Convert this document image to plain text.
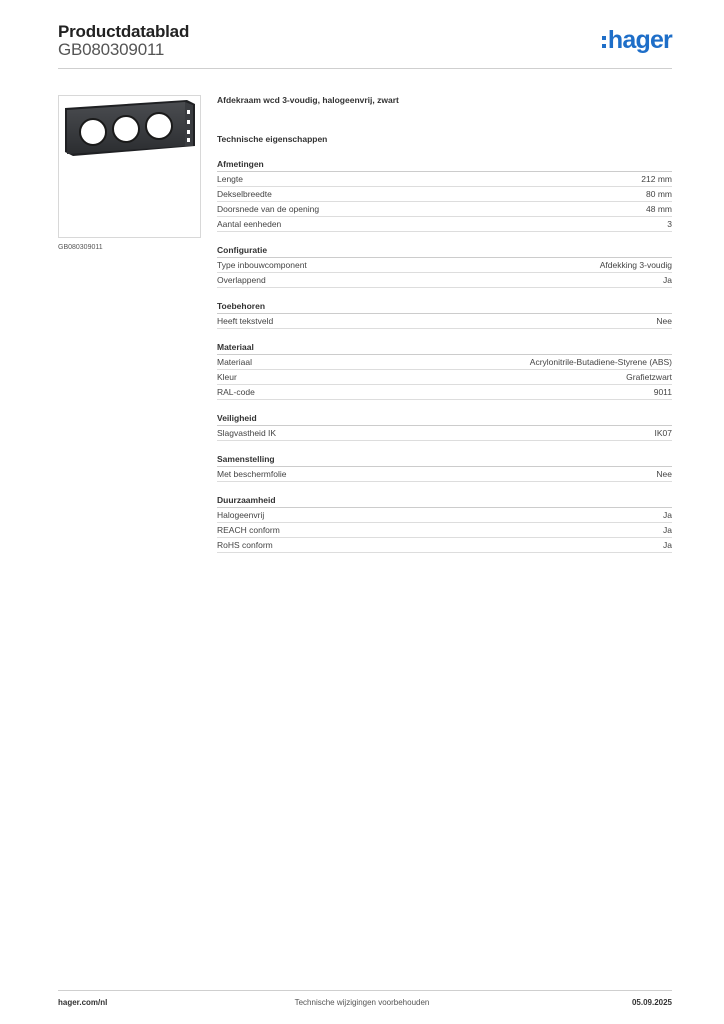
Productdatablad
GB080309011	hager
GB080309011
Afdekraam wcd 3-voudig, halogeenvrij, zwart
Technische eigenschappen
Afmetingen
Lengte	212 mm
Dekselbreedte	80 mm
Doorsnede van de opening	48 mm
Aantal eenheden	3
Configuratie
Type inbouwcomponent	Afdekking 3-voudig
Overlappend	Ja
Toebehoren
Heeft tekstveld	Nee
Materiaal
Materiaal	Acrylonitrile-Butadiene-Styrene (ABS)
Kleur	Grafietzwart
RAL-code	9011
Veiligheid
Slagvastheid IK	IK07
Samenstelling
Met beschermfolie	Nee
Duurzaamheid
Halogeenvrij	Ja
REACH conform	Ja
RoHS conform	Ja
hager.com/nl	Technische wijzigingen voorbehouden	05.09.2025
